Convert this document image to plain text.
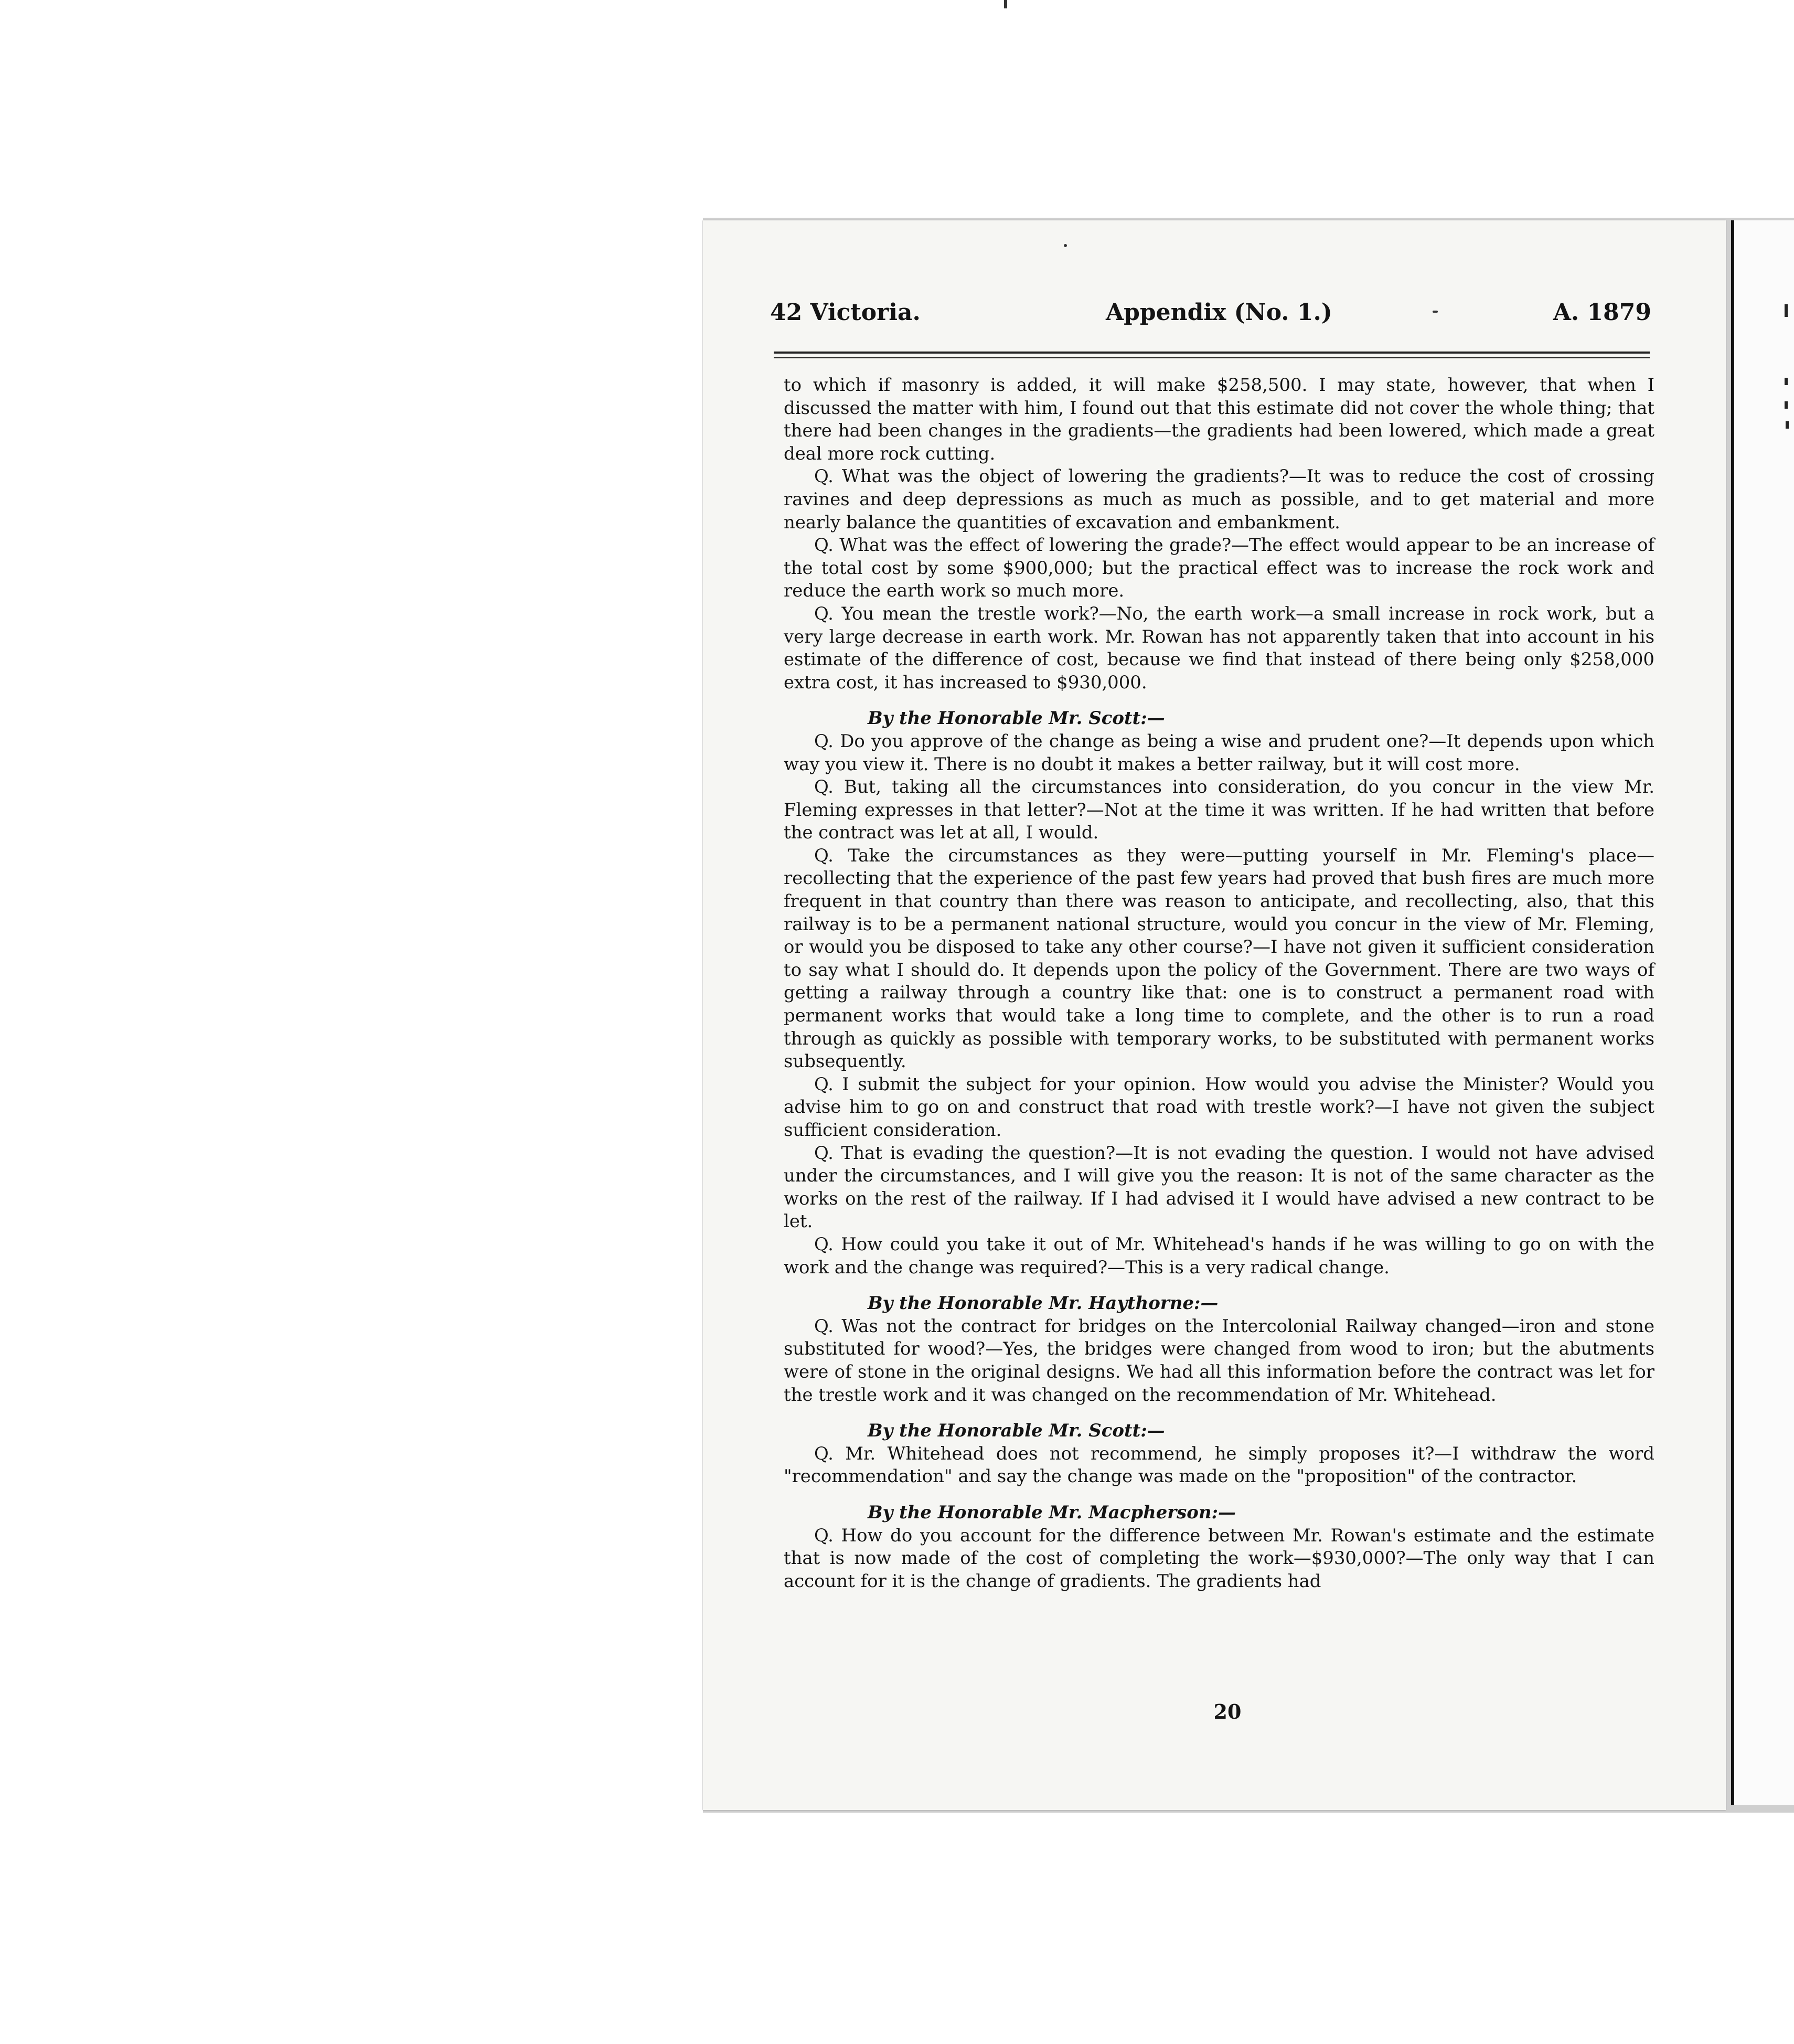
42 Victoria.	Appendix (No. 1.)	A. 1879

to which if masonry is added, it will make $258,500. I may state, however, that when I discussed the matter with him, I found out that this estimate did not cover the whole thing; that there had been changes in the gradients—the gradients had been lowered, which made a great deal more rock cutting.

Q. What was the object of lowering the gradients?—It was to reduce the cost of crossing ravines and deep depressions as much as much as possible, and to get material and more nearly balance the quantities of excavation and embankment.

Q. What was the effect of lowering the grade?—The effect would appear to be an increase of the total cost by some $900,000; but the practical effect was to increase the rock work and reduce the earth work so much more.

Q. You mean the trestle work?—No, the earth work—a small increase in rock work, but a very large decrease in earth work. Mr. Rowan has not apparently taken that into account in his estimate of the difference of cost, because we find that instead of there being only $258,000 extra cost, it has increased to $930,000.

By the Honorable Mr. Scott:—

Q. Do you approve of the change as being a wise and prudent one?—It depends upon which way you view it. There is no doubt it makes a better railway, but it will cost more.

Q. But, taking all the circumstances into consideration, do you concur in the view Mr. Fleming expresses in that letter?—Not at the time it was written. If he had written that before the contract was let at all, I would.

Q. Take the circumstances as they were—putting yourself in Mr. Fleming's place—recollecting that the experience of the past few years had proved that bush fires are much more frequent in that country than there was reason to anticipate, and recollecting, also, that this railway is to be a permanent national structure, would you concur in the view of Mr. Fleming, or would you be disposed to take any other course?—I have not given it sufficient consideration to say what I should do. It depends upon the policy of the Government. There are two ways of getting a railway through a country like that: one is to construct a permanent road with permanent works that would take a long time to complete, and the other is to run a road through as quickly as possible with temporary works, to be substituted with permanent works subsequently.

Q. I submit the subject for your opinion. How would you advise the Minister? Would you advise him to go on and construct that road with trestle work?—I have not given the subject sufficient consideration.

Q. That is evading the question?—It is not evading the question. I would not have advised under the circumstances, and I will give you the reason: It is not of the same character as the works on the rest of the railway. If I had advised it I would have advised a new contract to be let.

Q. How could you take it out of Mr. Whitehead's hands if he was willing to go on with the work and the change was required?—This is a very radical change.

By the Honorable Mr. Haythorne:—

Q. Was not the contract for bridges on the Intercolonial Railway changed—iron and stone substituted for wood?—Yes, the bridges were changed from wood to iron; but the abutments were of stone in the original designs. We had all this information before the contract was let for the trestle work and it was changed on the recommendation of Mr. Whitehead.

By the Honorable Mr. Scott:—

Q. Mr. Whitehead does not recommend, he simply proposes it?—I withdraw the word "recommendation" and say the change was made on the "proposition" of the contractor.

By the Honorable Mr. Macpherson:—

Q. How do you account for the difference between Mr. Rowan's estimate and the estimate that is now made of the cost of completing the work—$930,000?—The only way that I can account for it is the change of gradients. The gradients had

20
